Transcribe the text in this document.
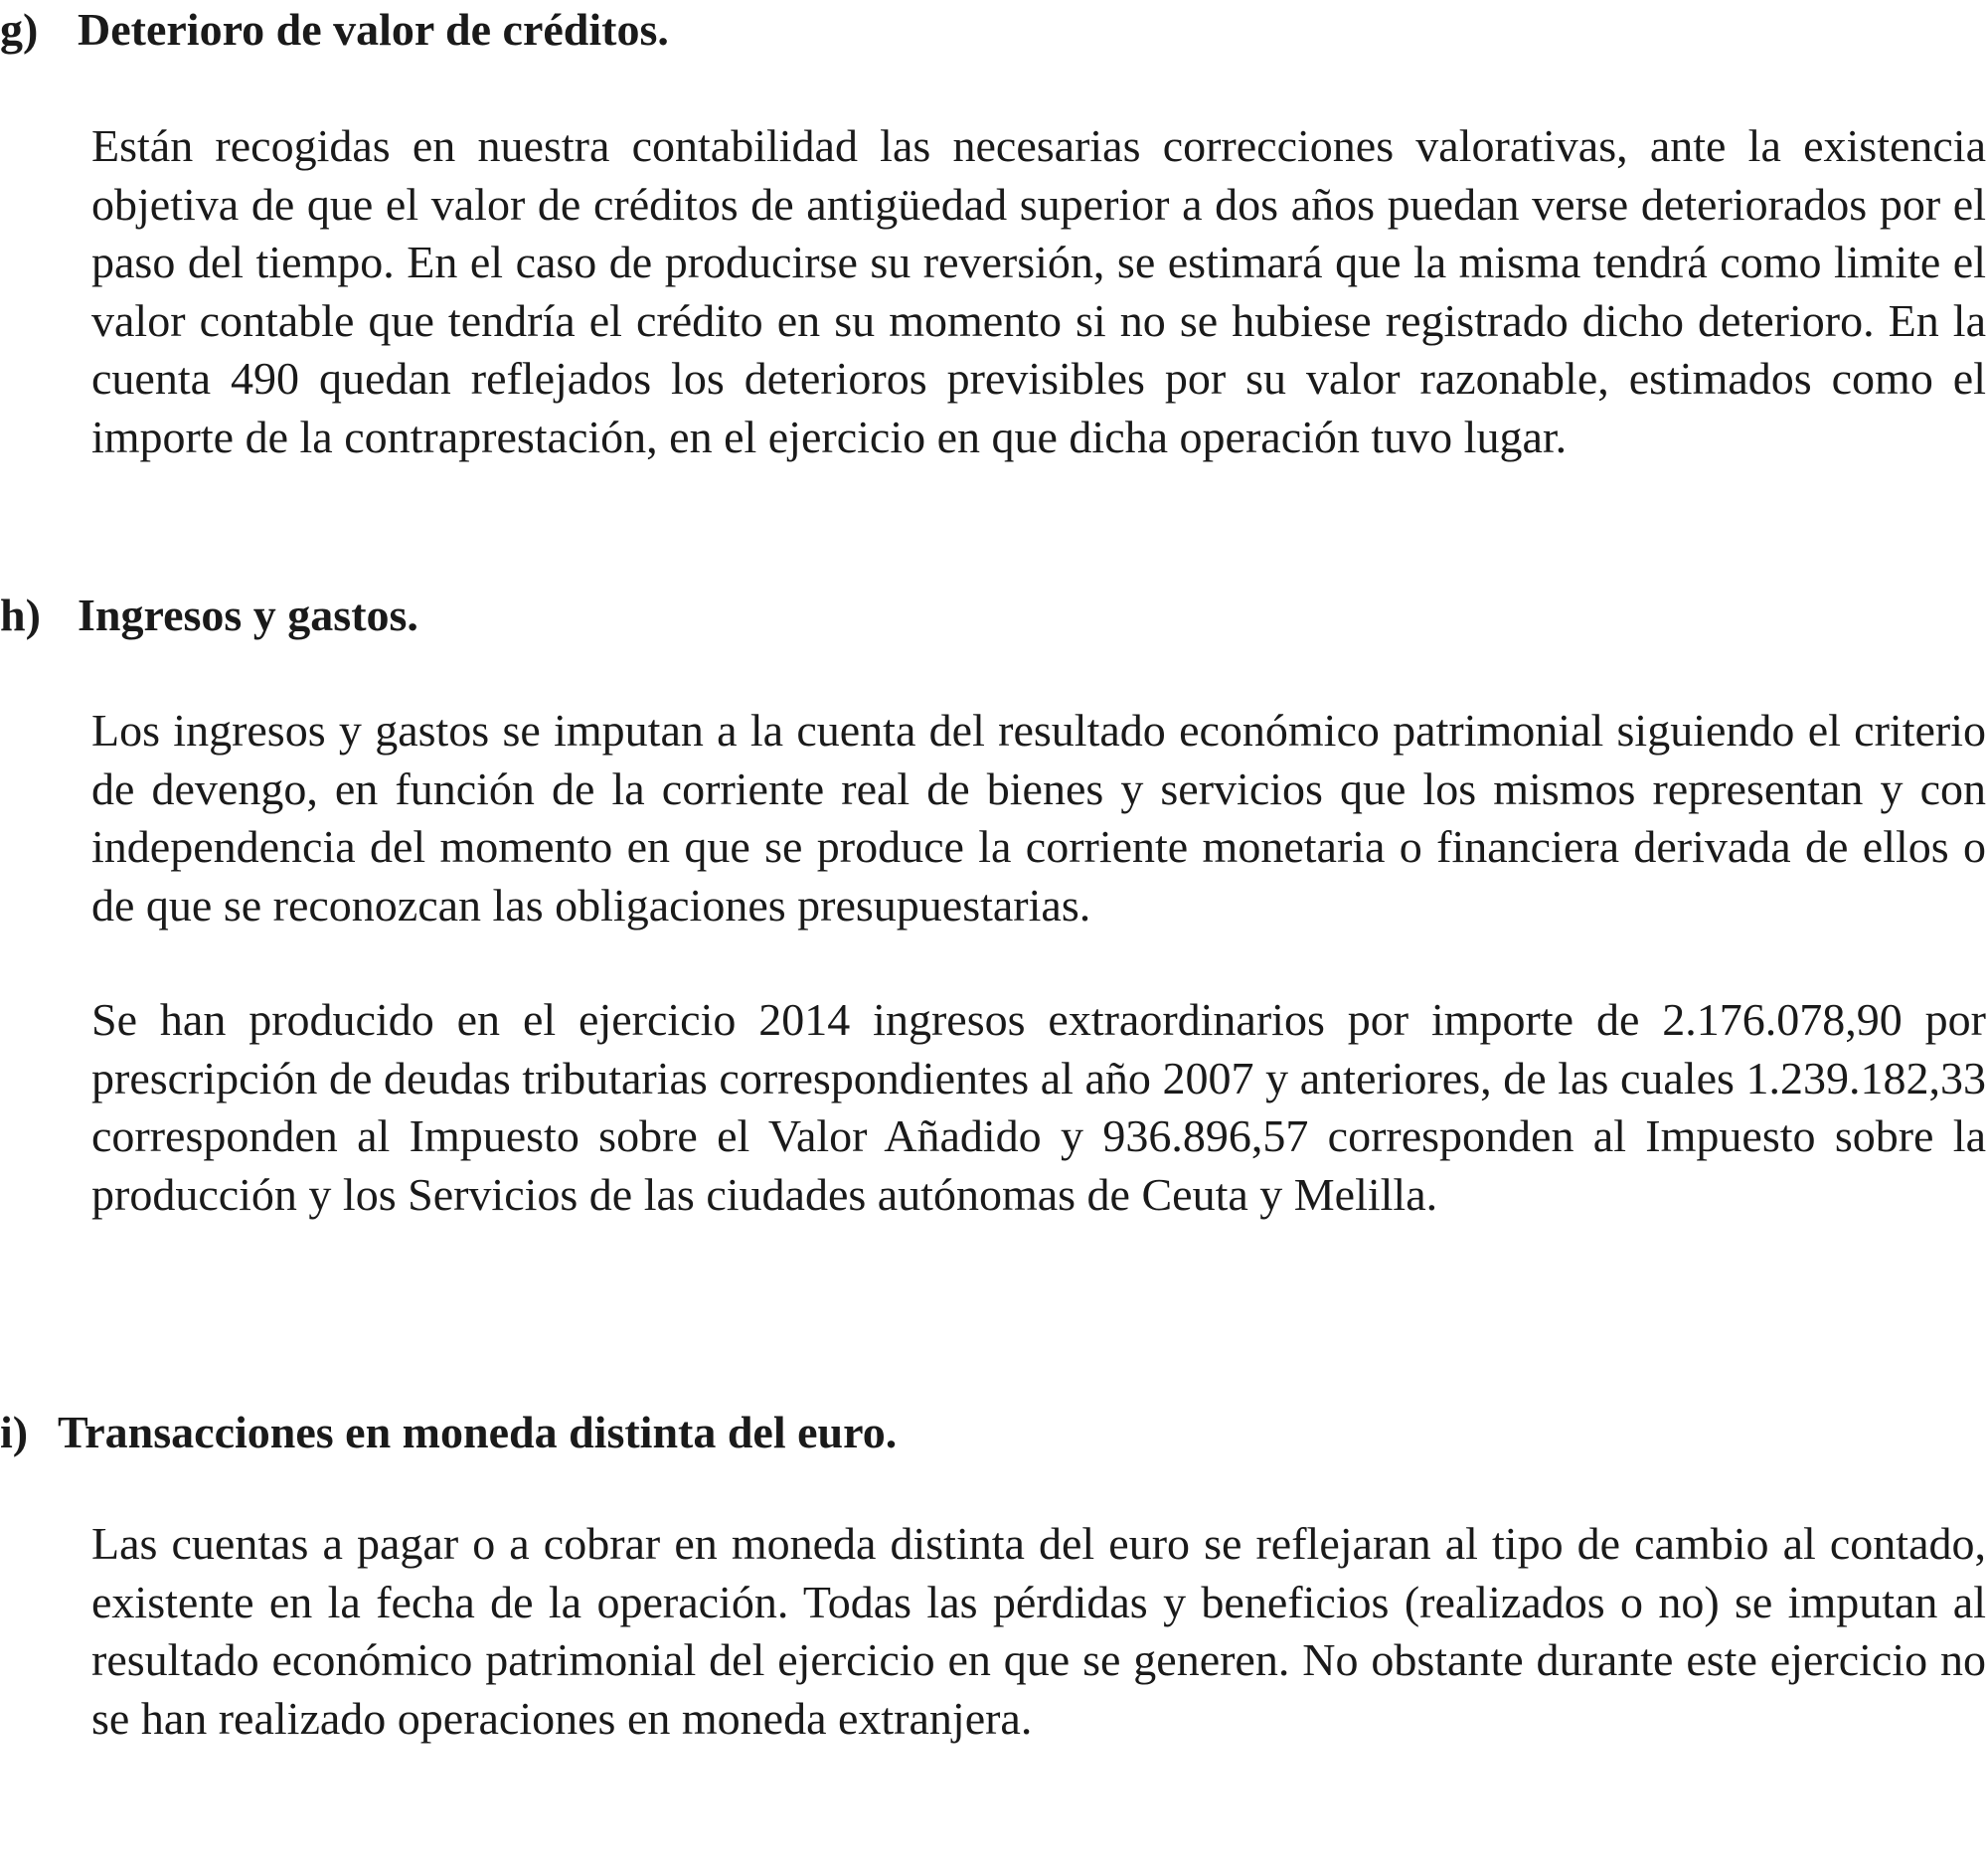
g) Deterioro de valor de créditos.

Están recogidas en nuestra contabilidad las necesarias correcciones valorativas, ante la existencia objetiva de que el valor de créditos de antigüedad superior a dos años puedan verse deteriorados por el paso del tiempo. En el caso de producirse su reversión, se estimará que la misma tendrá como limite el valor contable que tendría el crédito en su momento si no se hubiese registrado dicho deterioro. En la cuenta 490 quedan reflejados los deterioros previsibles por su valor razonable, estimados como el importe de la contraprestación, en el ejercicio en que dicha operación tuvo lugar.

h) Ingresos y gastos.

Los ingresos y gastos se imputan a la cuenta del resultado económico patrimonial siguiendo el criterio de devengo, en función de la corriente real de bienes y servicios que los mismos representan y con independencia del momento en que se produce la corriente monetaria o financiera derivada de ellos o de que se reconozcan las obligaciones presupuestarias.

Se han producido en el ejercicio 2014 ingresos extraordinarios por importe de 2.176.078,90 por prescripción de deudas tributarias correspondientes al año 2007 y anteriores, de las cuales 1.239.182,33 corresponden al Impuesto sobre el Valor Añadido y 936.896,57 corresponden al Impuesto sobre la producción y los Servicios de las ciudades autónomas de Ceuta y Melilla.

i) Transacciones en moneda distinta del euro.

Las cuentas a pagar o a cobrar en moneda distinta del euro se reflejaran al tipo de cambio al contado, existente en la fecha de la operación. Todas las pérdidas y beneficios (realizados o no) se imputan al resultado económico patrimonial del ejercicio en que se generen. No obstante durante este ejercicio no se han realizado operaciones en moneda extranjera.
